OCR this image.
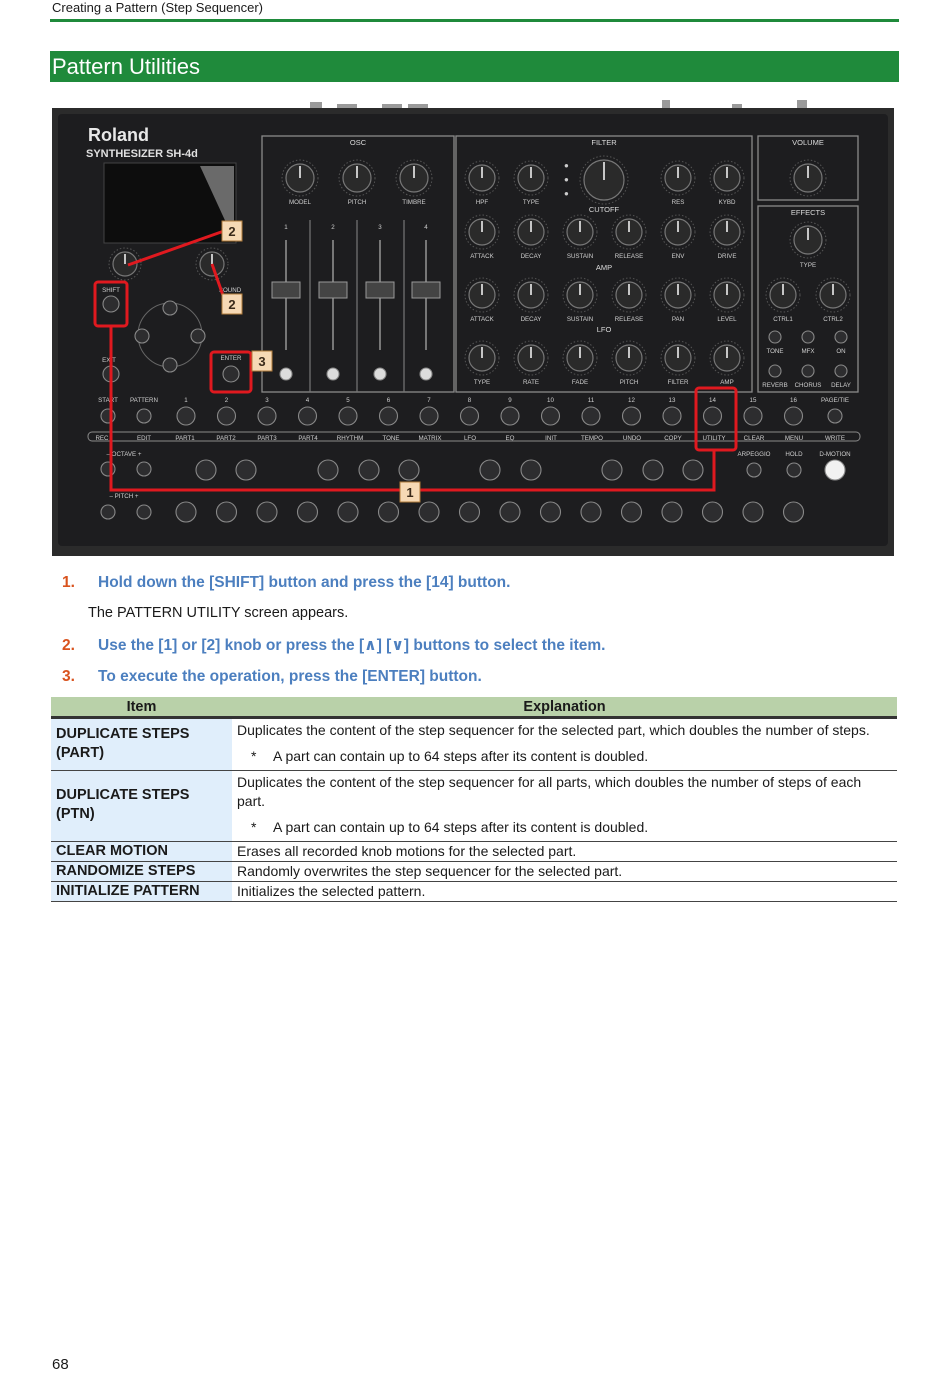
Creating a Pattern (Step Sequencer)
Pattern Utilities
Roland
SYNTHESIZER SH-4d
OSC	FILTER	VOLUME
EFFECTS
CUTOFF
AMP
LFO
●
●
●
MODEL	PITCH	TIMBRE	HPF	TYPE	RES	KYBD
ATTACK	DECAY	SUSTAIN	RELEASE	ENV	DRIVE
ATTACK	DECAY	SUSTAIN	RELEASE	PAN	LEVEL
TYPE	RATE	FADE	PITCH	FILTER	AMP
TYPE
CTRL1	CTRL2
TONE	MFX	ON
REVERB CHORUS DELAY
1	2	3	4
SHIFT	SOUND
EXIT	ENTER
START PATTERN
– OCTAVE +
– PITCH +
1	2	3	4	5	6	7	8	9	10	11	12	13	14	15	16	PAGE/TIE
REC	EDIT	PART1	PART2	PART3	PART4	RHYTHM	TONE	MATRIX	LFO	EQ	INIT	TEMPO	UNDO	COPY	UTILITY	CLEAR	MENU	WRITE
ARPEGGIO HOLD	D-MOTION
2
2
3
1
1. Hold down the [SHIFT] button and press the [14] button.
The PATTERN UTILITY screen appears.
2. Use the [1] or [2] knob or press the [∧] [∨] buttons to select the item.
3. To execute the operation, press the [ENTER] button.
Item	Explanation
DUPLICATE STEPS (PART)	Duplicates the content of the step sequencer for the selected part, which doubles the number of steps.
* A part can contain up to 64 steps after its content is doubled.

DUPLICATE STEPS (PTN)	Duplicates the content of the step sequencer for all parts, which doubles the number of steps of each part.
* A part can contain up to 64 steps after its content is doubled.

CLEAR MOTION	Erases all recorded knob motions for the selected part.
RANDOMIZE STEPS	Randomly overwrites the step sequencer for the selected part.
INITIALIZE PATTERN	Initializes the selected pattern.
68
